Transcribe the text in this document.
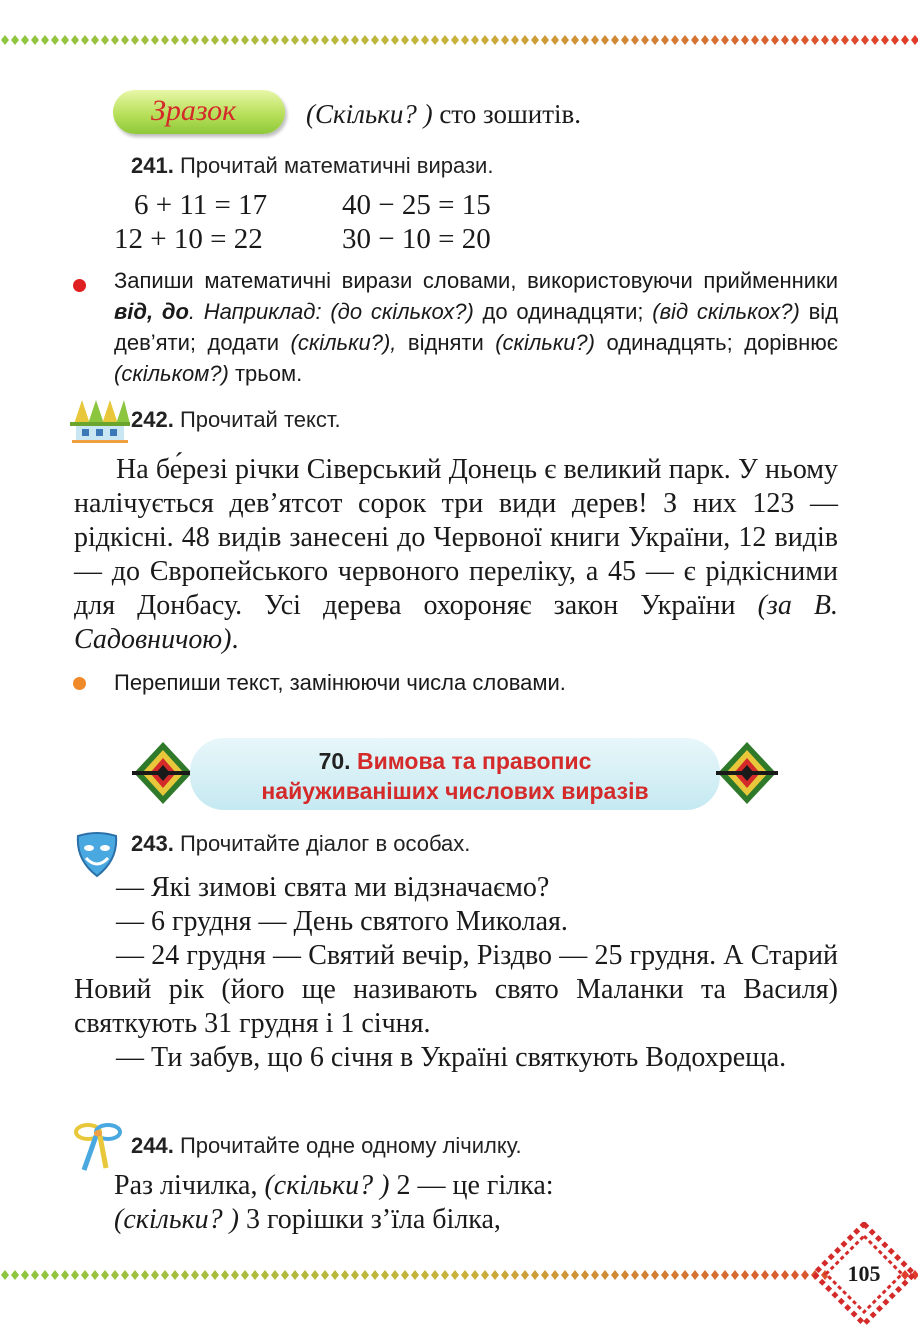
Зразок	(Скільки? ) сто зошитів.
241. Прочитай математичні вирази.
6 + 11 = 17	40 − 25 = 15
12 + 10 = 22	30 − 10 = 20
Запиши математичні вирази словами, використовуючи прийменники від, до. Наприклад: (до скількох?) до одинадцяти; (від скількох?) від дев’яти; додати (скільки?), відняти (скільки?) одинадцять; дорівнює (скільком?) трьом.
242. Прочитай текст.
На бе́резі річки Сіверський Донець є великий парк. У ньому налічується дев’ятсот сорок три види дерев! З них 123 — рідкісні. 48 видів занесені до Червоної книги України, 12 видів — до Європейського червоного переліку, а 45 — є рідкісними для Донбасу. Усі дерева охороняє закон України (за В. Садовничою).
Перепиши текст, замінюючи числа словами.
70. Вимова та правопис
найуживаніших числових виразів
243. Прочитайте діалог в особах.
— Які зимові свята ми відзначаємо?
— 6 грудня — День святого Миколая.
— 24 грудня — Святий вечір, Різдво — 25 грудня. А Старий Новий рік (його ще називають свято Маланки та Василя) святкують 31 грудня і 1 січня.
— Ти забув, що 6 січня в Україні святкують Водохреща.
244. Прочитайте одне одному лічилку.
Раз лічилка, (скільки? ) 2 — це гілка:
(скільки? ) 3 горішки з’їла білка,
105
